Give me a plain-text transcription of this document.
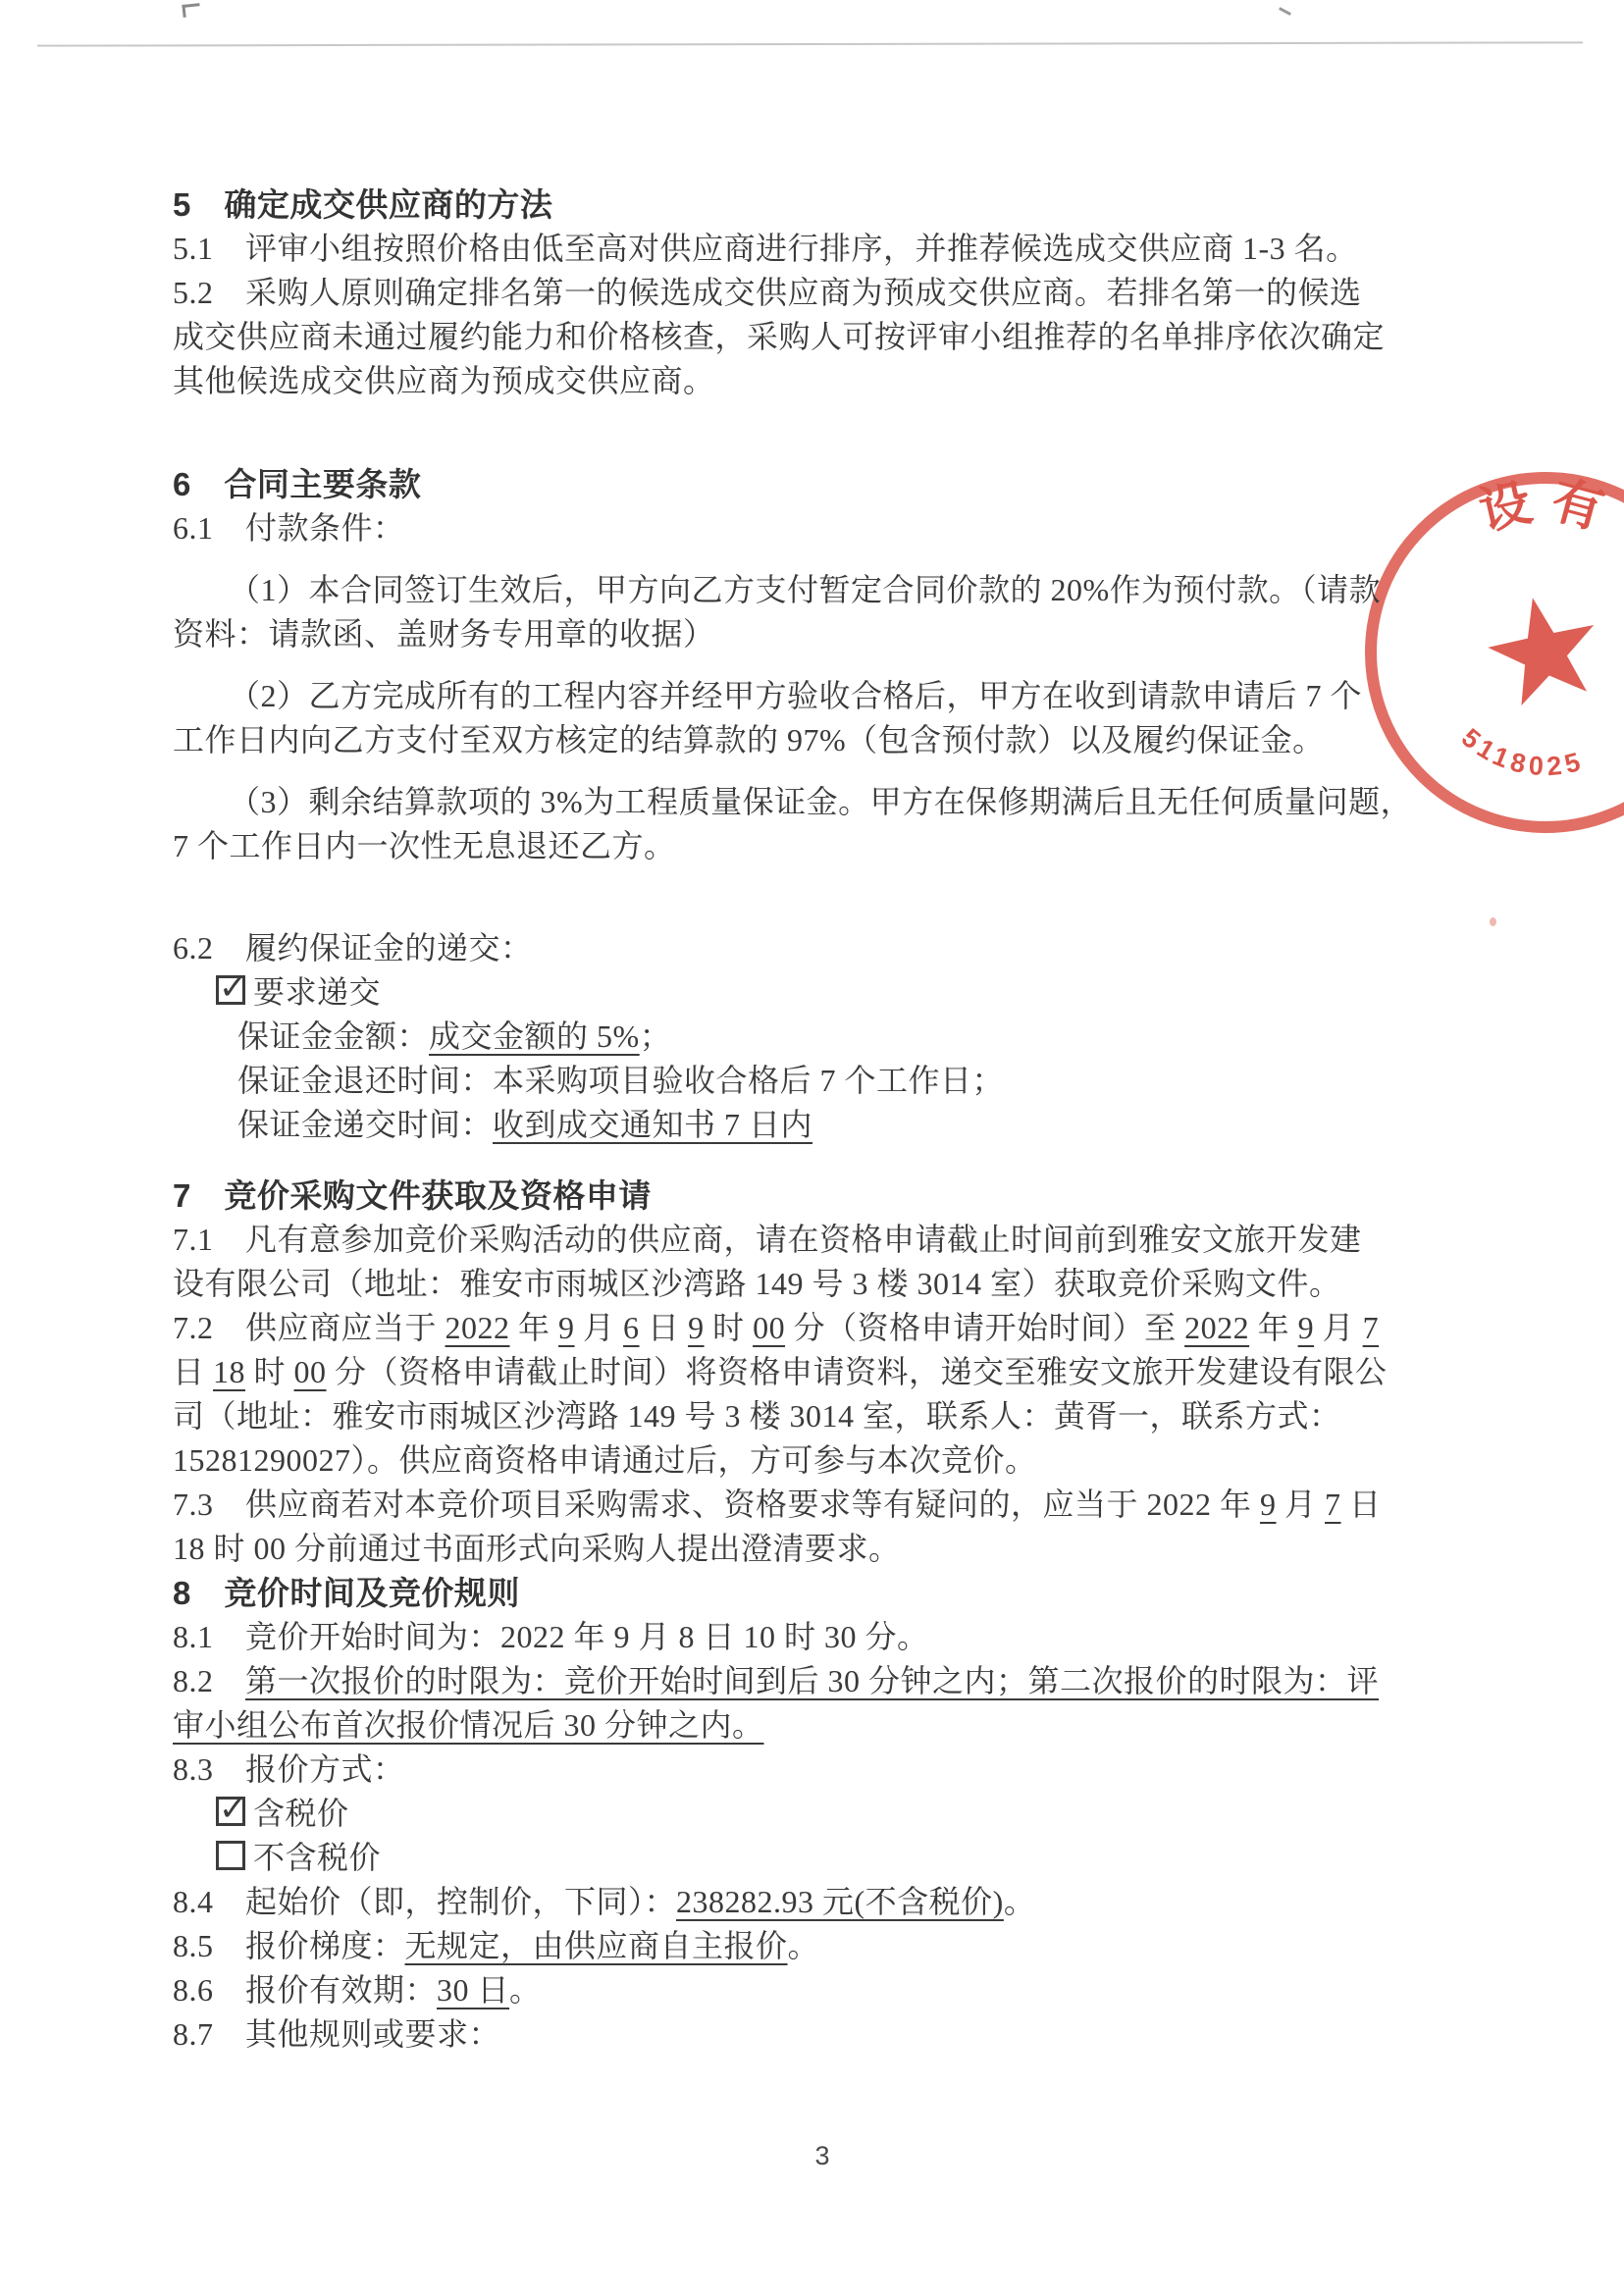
设有
5118025
5　确定成交供应商的方法
5.1　评审小组按照价格由低至高对供应商进行排序，并推荐候选成交供应商 1-3 名。
5.2　采购人原则确定排名第一的候选成交供应商为预成交供应商。若排名第一的候选
成交供应商未通过履约能力和价格核查，采购人可按评审小组推荐的名单排序依次确定
其他候选成交供应商为预成交供应商。
6　合同主要条款
6.1　付款条件：
（1）本合同签订生效后，甲方向乙方支付暂定合同价款的 20%作为预付款。（请款
资料：请款函、盖财务专用章的收据）
（2）乙方完成所有的工程内容并经甲方验收合格后，甲方在收到请款申请后 7 个
工作日内向乙方支付至双方核定的结算款的 97%（包含预付款）以及履约保证金。
（3）剩余结算款项的 3%为工程质量保证金。甲方在保修期满后且无任何质量问题，
7 个工作日内一次性无息退还乙方。
6.2　履约保证金的递交：
✓要求递交
保证金金额：成交金额的 5%；
保证金退还时间：本采购项目验收合格后 7 个工作日；
保证金递交时间：收到成交通知书 7 日内
7　竞价采购文件获取及资格申请
7.1　凡有意参加竞价采购活动的供应商，请在资格申请截止时间前到雅安文旅开发建
设有限公司（地址：雅安市雨城区沙湾路 149 号 3 楼 3014 室）获取竞价采购文件。
7.2　供应商应当于 2022 年 9 月 6 日 9 时 00 分（资格申请开始时间）至 2022 年 9 月 7
日 18 时 00 分（资格申请截止时间）将资格申请资料，递交至雅安文旅开发建设有限公
司（地址：雅安市雨城区沙湾路 149 号 3 楼 3014 室，联系人：黄胥一，联系方式：
15281290027）。供应商资格申请通过后，方可参与本次竞价。
7.3　供应商若对本竞价项目采购需求、资格要求等有疑问的，应当于 2022 年 9 月 7 日
18 时 00 分前通过书面形式向采购人提出澄清要求。
8　竞价时间及竞价规则
8.1　竞价开始时间为：2022 年 9 月 8 日 10 时 30 分。
8.2　第一次报价的时限为：竞价开始时间到后 30 分钟之内；第二次报价的时限为：评
审小组公布首次报价情况后 30 分钟之内。
8.3　报价方式：
✓含税价
不含税价
8.4　起始价（即，控制价，下同）：238282.93 元(不含税价)。
8.5　报价梯度：无规定，由供应商自主报价。
8.6　报价有效期：30 日。
8.7　其他规则或要求：
3
